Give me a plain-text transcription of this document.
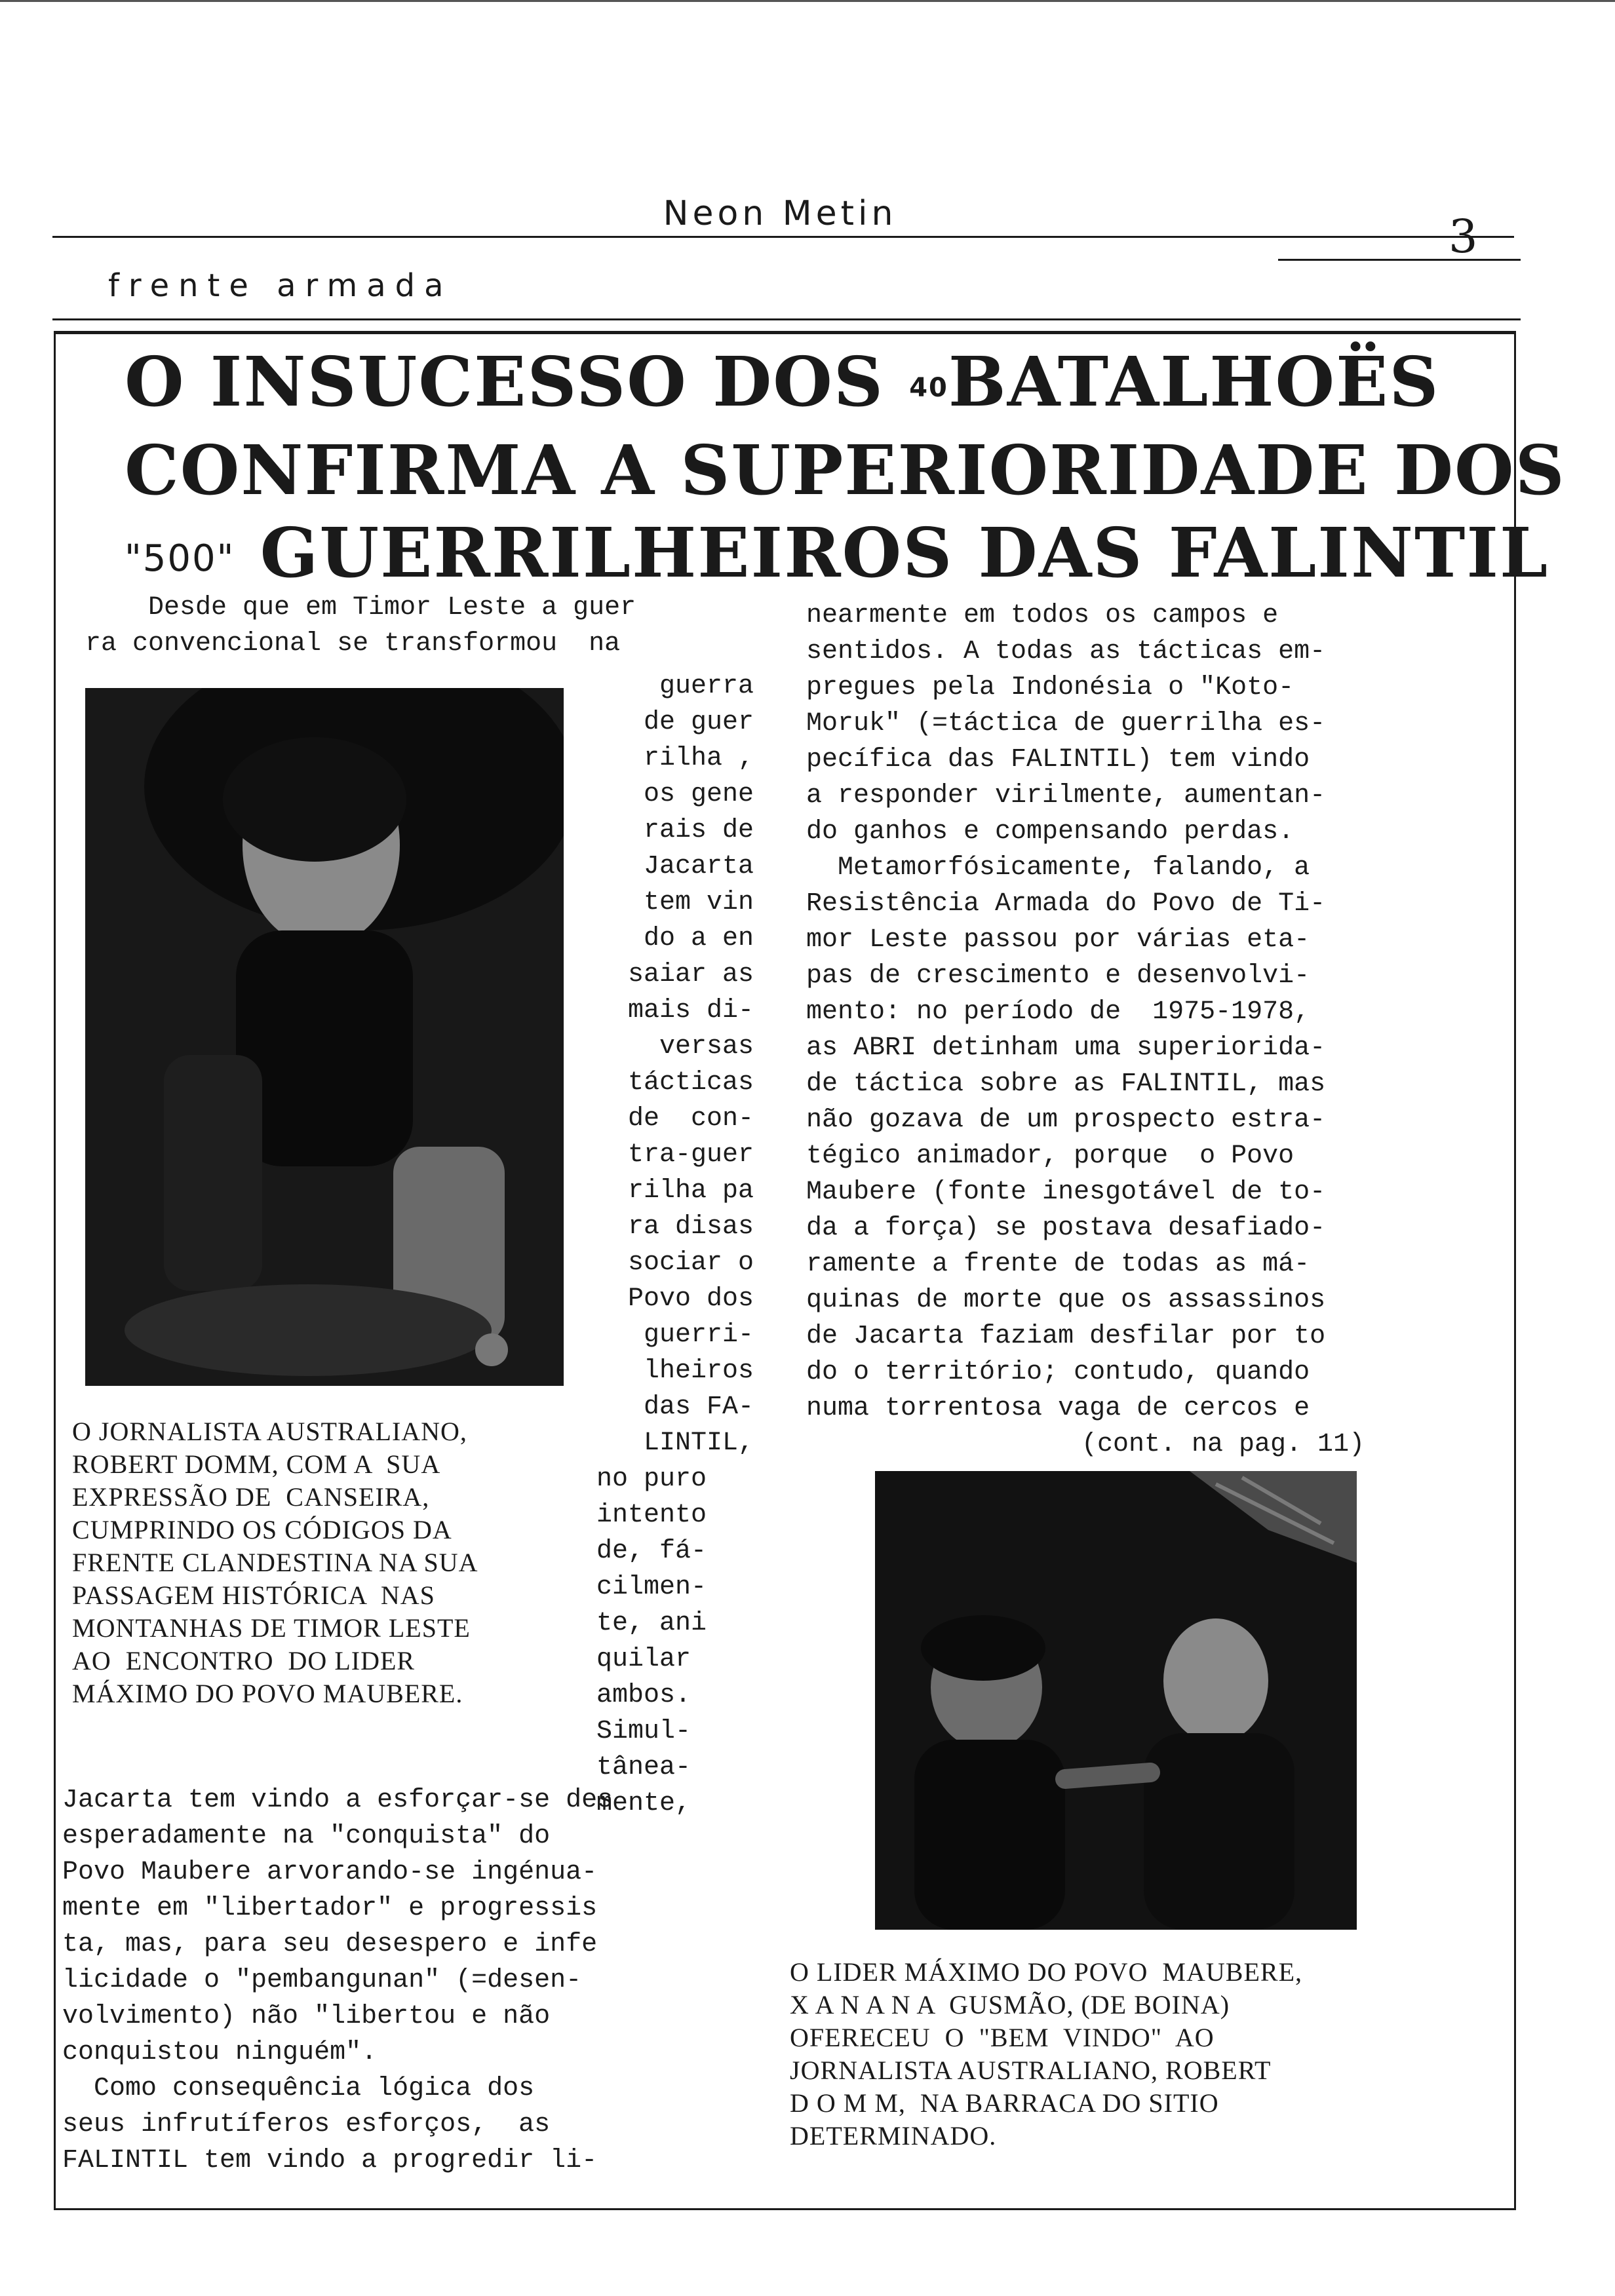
Neon Metin	3
frente armada
O INSUCESSO DOS 40BATALHOËS
CONFIRMA A SUPERIORIDADE DOS
"500" GUERRILHEIROS DAS FALINTIL
Desde que em Timor Leste a guer
ra convencional se transformou  na
guerra
de guer
rilha ,
os gene
rais de
Jacarta
tem vin
do a en
saiar as
mais di-
versas
tácticas
de  con-
tra-guer
rilha pa
ra disas
sociar o
Povo dos
guerri-
lheiros
das FA-
LINTIL,
no puro
intento
de, fá-
cilmen-
te, ani
quilar
ambos.
Simul-
tânea-
mente,
O JORNALISTA AUSTRALIANO,
ROBERT DOMM, COM A  SUA
EXPRESSÃO DE  CANSEIRA,
CUMPRINDO OS CÓDIGOS DA
FRENTE CLANDESTINA NA SUA
PASSAGEM HISTÓRICA  NAS
MONTANHAS DE TIMOR LESTE
AO  ENCONTRO  DO LIDER
MÁXIMO DO POVO MAUBERE.
Jacarta tem vindo a esforçar-se des
esperadamente na "conquista" do
Povo Maubere arvorando-se ingénua-
mente em "libertador" e progressis
ta, mas, para seu desespero e infe
licidade o "pembangunan" (=desen-
volvimento) não "libertou e não
conquistou ninguém".
Como consequência lógica dos
seus infrutíferos esforços,  as
FALINTIL tem vindo a progredir li-
nearmente em todos os campos e
sentidos. A todas as tácticas em-
pregues pela Indonésia o "Koto-
Moruk" (=táctica de guerrilha es-
pecífica das FALINTIL) tem vindo
a responder virilmente, aumentan-
do ganhos e compensando perdas.
Metamorfósicamente, falando, a
Resistência Armada do Povo de Ti-
mor Leste passou por várias eta-
pas de crescimento e desenvolvi-
mento: no período de  1975-1978,
as ABRI detinham uma superiorida-
de táctica sobre as FALINTIL, mas
não gozava de um prospecto estra-
tégico animador, porque  o Povo
Maubere (fonte inesgotável de to-
da a força) se postava desafiado-
ramente a frente de todas as má-
quinas de morte que os assassinos
de Jacarta faziam desfilar por to
do o território; contudo, quando
numa torrentosa vaga de cercos e
(cont. na pag. 11)
O LIDER MÁXIMO DO POVO  MAUBERE,
X A N A N A  GUSMÃO, (DE BOINA)
OFERECEU  O  "BEM  VINDO"  AO
JORNALISTA AUSTRALIANO, ROBERT
D O M M,  NA BARRACA DO SITIO
DETERMINADO.
